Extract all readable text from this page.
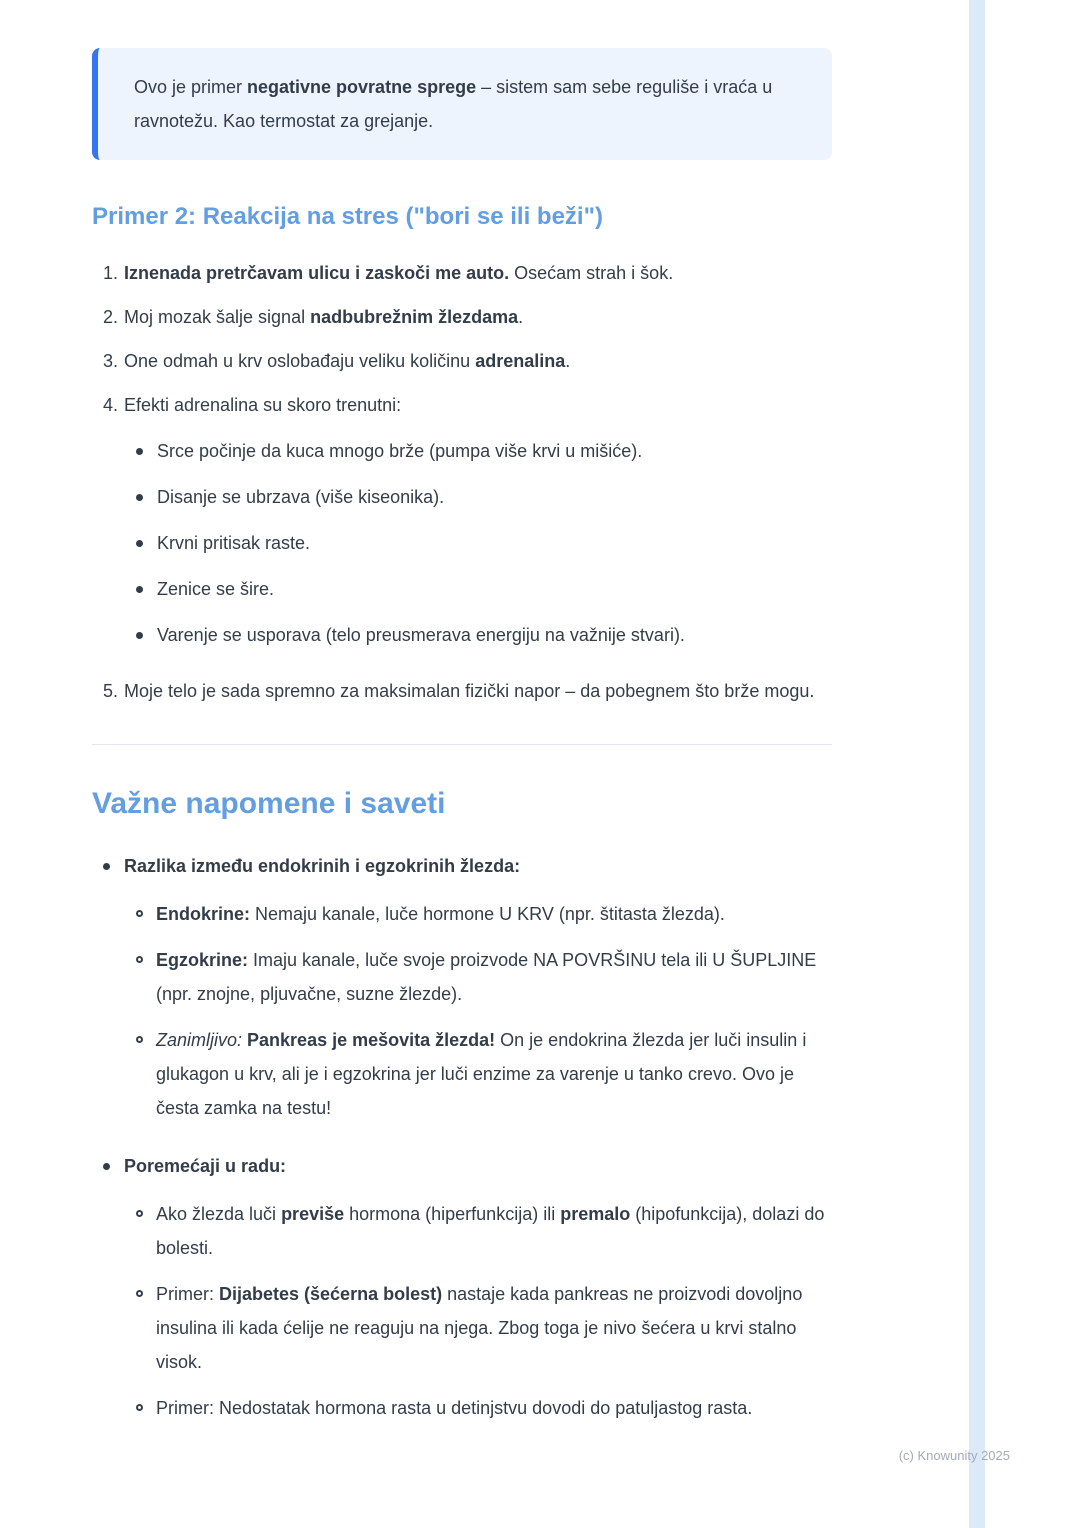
Ovo je primer negativne povratne sprege – sistem sam sebe reguliše i vraća u ravnotežu. Kao termostat za grejanje.

Primer 2: Reakcija na stres ("bori se ili beži")
1. Iznenada pretrčavam ulicu i zaskoči me auto. Osećam strah i šok.
2. Moj mozak šalje signal nadbubrežnim žlezdama.
3. One odmah u krv oslobađaju veliku količinu adrenalina.
4. Efekti adrenalina su skoro trenutni:
Srce počinje da kuca mnogo brže (pumpa više krvi u mišiće).
Disanje se ubrzava (više kiseonika).
Krvni pritisak raste.
Zenice se šire.
Varenje se usporava (telo preusmerava energiju na važnije stvari).
5. Moje telo je sada spremno za maksimalan fizički napor – da pobegnem što brže mogu.
Važne napomene i saveti
Razlika između endokrinih i egzokrinih žlezda:
Endokrine: Nemaju kanale, luče hormone U KRV (npr. štitasta žlezda).
Egzokrine: Imaju kanale, luče svoje proizvode NA POVRŠINU tela ili U ŠUPLJINE (npr. znojne, pljuvačne, suzne žlezde).
Zanimljivo: Pankreas je mešovita žlezda! On je endokrina žlezda jer luči insulin i glukagon u krv, ali je i egzokrina jer luči enzime za varenje u tanko crevo. Ovo je česta zamka na testu!
Poremećaji u radu:
Ako žlezda luči previše hormona (hiperfunkcija) ili premalo (hipofunkcija), dolazi do bolesti.
Primer: Dijabetes (šećerna bolest) nastaje kada pankreas ne proizvodi dovoljno insulina ili kada ćelije ne reaguju na njega. Zbog toga je nivo šećera u krvi stalno visok.
Primer: Nedostatak hormona rasta u detinjstvu dovodi do patuljastog rasta.
(c) Knowunity 2025
